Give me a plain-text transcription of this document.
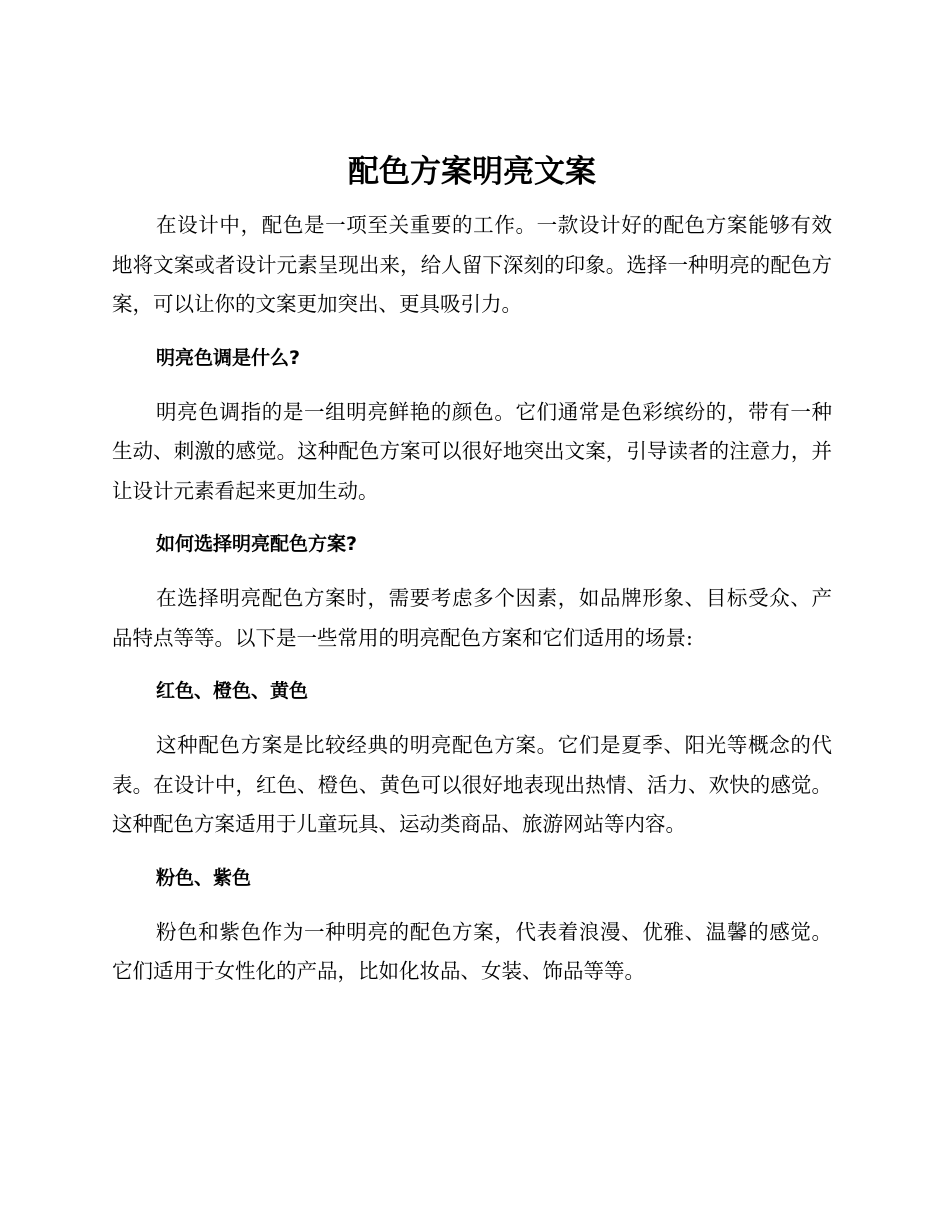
配色方案明亮文案

在设计中，配色是一项至关重要的工作。一款设计好的配色方案能够有效地将文案或者设计元素呈现出来，给人留下深刻的印象。选择一种明亮的配色方案，可以让你的文案更加突出、更具吸引力。

明亮色调是什么?

明亮色调指的是一组明亮鲜艳的颜色。它们通常是色彩缤纷的，带有一种生动、刺激的感觉。这种配色方案可以很好地突出文案，引导读者的注意力，并让设计元素看起来更加生动。

如何选择明亮配色方案?

在选择明亮配色方案时，需要考虑多个因素，如品牌形象、目标受众、产品特点等等。以下是一些常用的明亮配色方案和它们适用的场景:

红色、橙色、黄色

这种配色方案是比较经典的明亮配色方案。它们是夏季、阳光等概念的代表。在设计中，红色、橙色、黄色可以很好地表现出热情、活力、欢快的感觉。这种配色方案适用于儿童玩具、运动类商品、旅游网站等内容。

粉色、紫色

粉色和紫色作为一种明亮的配色方案，代表着浪漫、优雅、温馨的感觉。它们适用于女性化的产品，比如化妆品、女装、饰品等等。
